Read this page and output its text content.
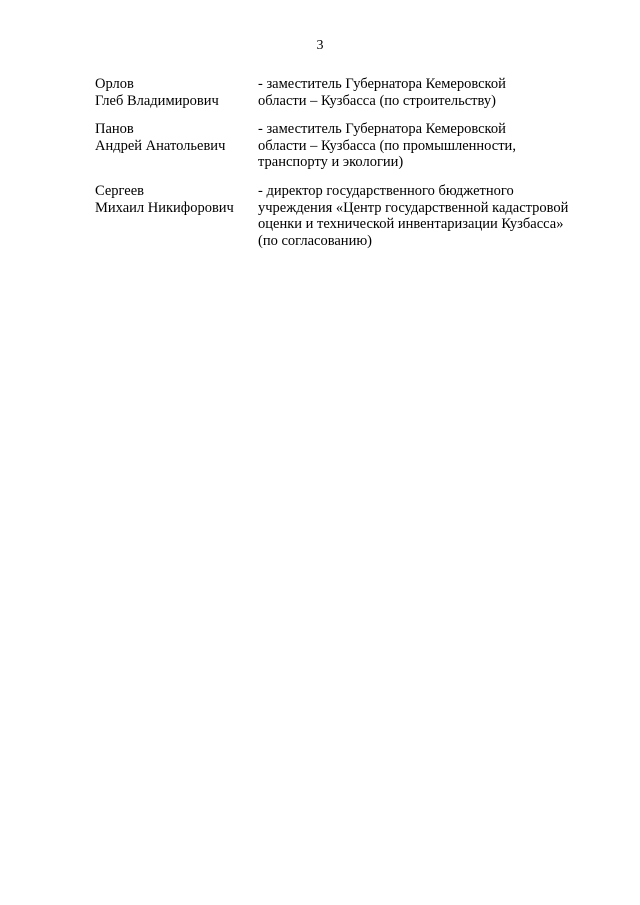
3
Орлов
Глеб Владимирович
- заместитель Губернатора Кемеровской
области – Кузбасса (по строительству)
Панов
Андрей Анатольевич
- заместитель Губернатора Кемеровской
области – Кузбасса (по промышленности,
транспорту и экологии)
Сергеев
Михаил Никифорович
- директор государственного бюджетного
учреждения «Центр государственной кадастровой
оценки и технической инвентаризации Кузбасса»
(по согласованию)
